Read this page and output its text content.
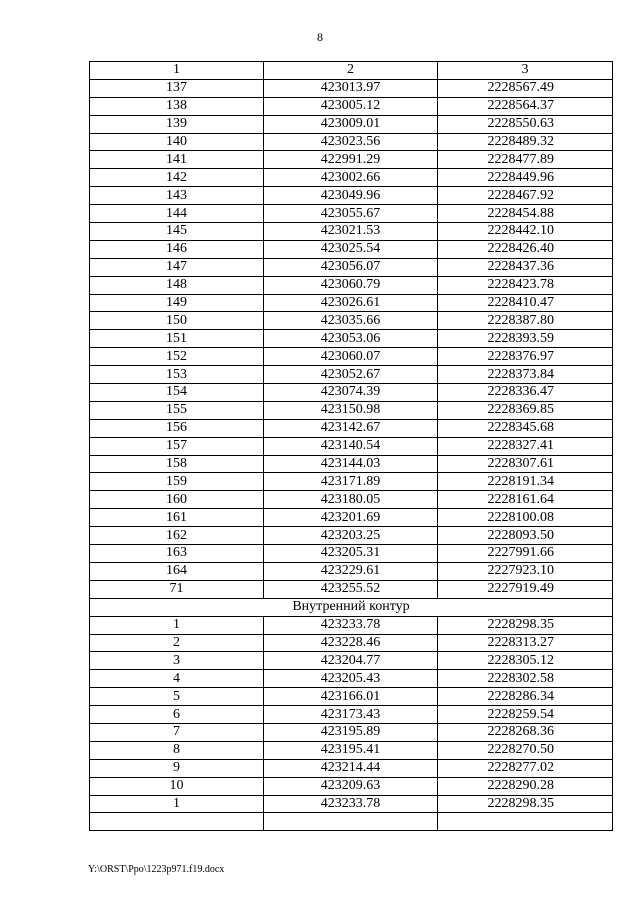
8
1	2	3
137	423013.97	2228567.49
138	423005.12	2228564.37
139	423009.01	2228550.63
140	423023.56	2228489.32
141	422991.29	2228477.89
142	423002.66	2228449.96
143	423049.96	2228467.92
144	423055.67	2228454.88
145	423021.53	2228442.10
146	423025.54	2228426.40
147	423056.07	2228437.36
148	423060.79	2228423.78
149	423026.61	2228410.47
150	423035.66	2228387.80
151	423053.06	2228393.59
152	423060.07	2228376.97
153	423052.67	2228373.84
154	423074.39	2228336.47
155	423150.98	2228369.85
156	423142.67	2228345.68
157	423140.54	2228327.41
158	423144.03	2228307.61
159	423171.89	2228191.34
160	423180.05	2228161.64
161	423201.69	2228100.08
162	423203.25	2228093.50
163	423205.31	2227991.66
164	423229.61	2227923.10
71	423255.52	2227919.49
Внутренний контур		
1	423233.78	2228298.35
2	423228.46	2228313.27
3	423204.77	2228305.12
4	423205.43	2228302.58
5	423166.01	2228286.34
6	423173.43	2228259.54
7	423195.89	2228268.36
8	423195.41	2228270.50
9	423214.44	2228277.02
10	423209.63	2228290.28
1	423233.78	2228298.35

Y:\ORST\Ppo\1223p971.f19.docx
